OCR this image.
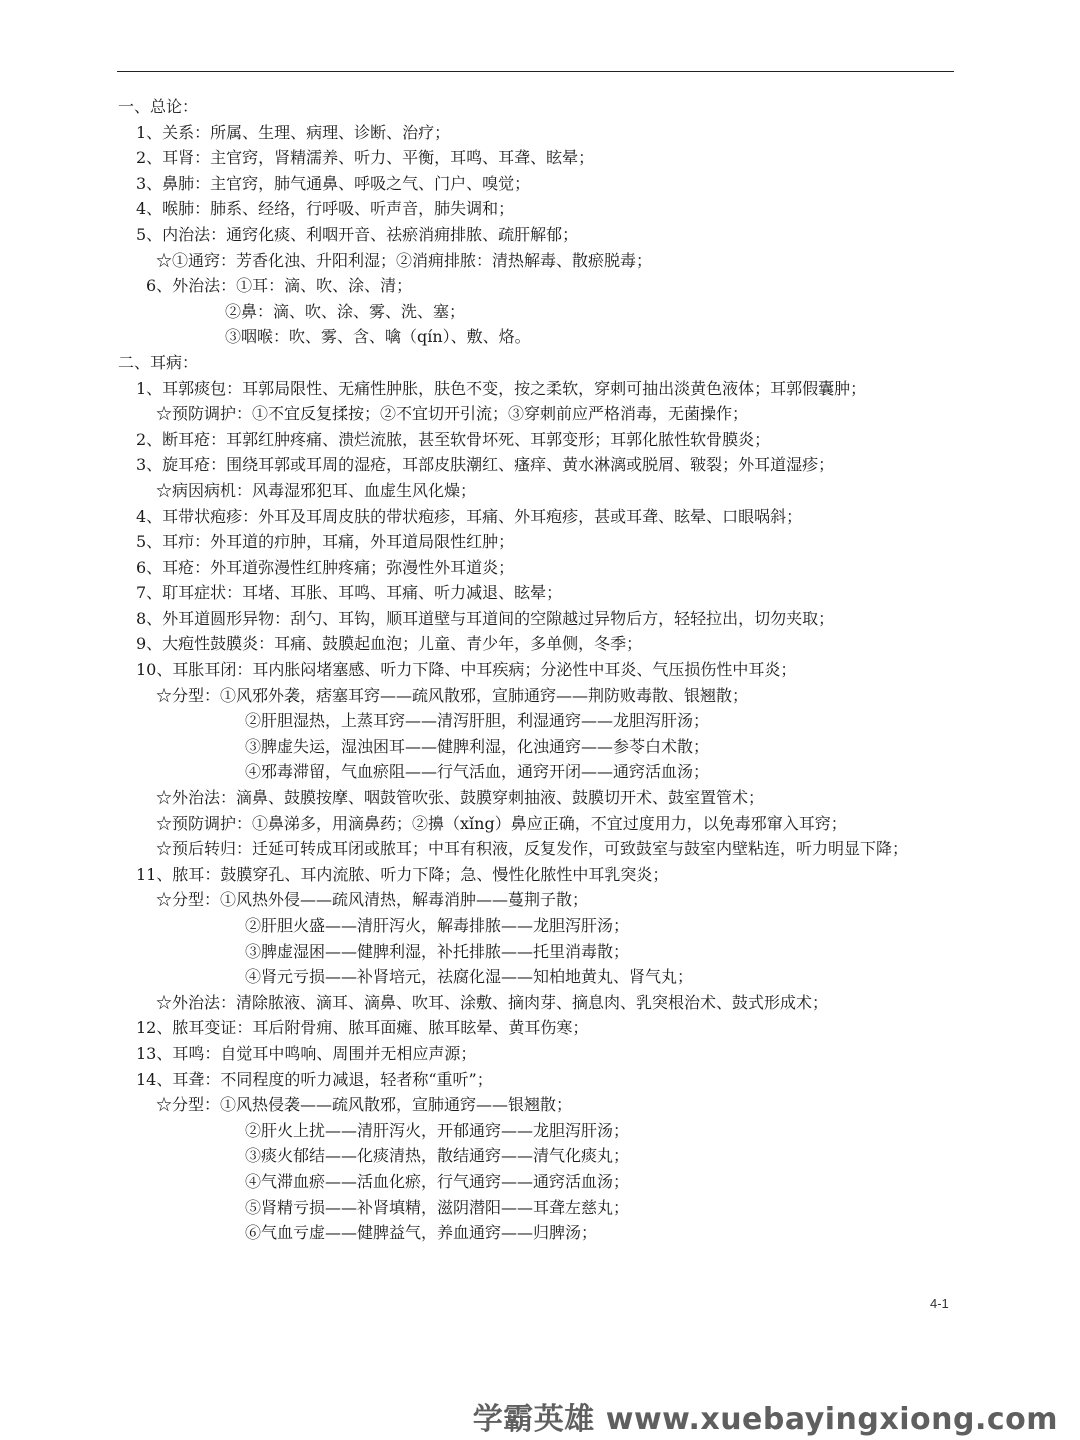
一、总论：
1、关系：所属、生理、病理、诊断、治疗；
2、耳肾：主官窍，肾精濡养、听力、平衡，耳鸣、耳聋、眩晕；
3、鼻肺：主官窍，肺气通鼻、呼吸之气、门户、嗅觉；
4、喉肺：肺系、经络，行呼吸、听声音，肺失调和；
5、内治法：通窍化痰、利咽开音、祛瘀消痈排脓、疏肝解郁；
☆①通窍：芳香化浊、升阳利湿；②消痈排脓：清热解毒、散瘀脱毒；
6、外治法：①耳：滴、吹、涂、清；
②鼻：滴、吹、涂、雾、洗、塞；
③咽喉：吹、雾、含、噙（qín）、敷、烙。
二、耳病：
1、耳郭痰包：耳郭局限性、无痛性肿胀，肤色不变，按之柔软，穿刺可抽出淡黄色液体；耳郭假囊肿；
☆预防调护：①不宜反复揉按；②不宜切开引流；③穿刺前应严格消毒，无菌操作；
2、断耳疮：耳郭红肿疼痛、溃烂流脓，甚至软骨坏死、耳郭变形；耳郭化脓性软骨膜炎；
3、旋耳疮：围绕耳郭或耳周的湿疮，耳部皮肤潮红、瘙痒、黄水淋漓或脱屑、皲裂；外耳道湿疹；
☆病因病机：风毒湿邪犯耳、血虚生风化燥；
4、耳带状疱疹：外耳及耳周皮肤的带状疱疹，耳痛、外耳疱疹，甚或耳聋、眩晕、口眼㖞斜；
5、耳疖：外耳道的疖肿，耳痛，外耳道局限性红肿；
6、耳疮：外耳道弥漫性红肿疼痛；弥漫性外耳道炎；
7、耵耳症状：耳堵、耳胀、耳鸣、耳痛、听力减退、眩晕；
8、外耳道圆形异物：刮勺、耳钩，顺耳道壁与耳道间的空隙越过异物后方，轻轻拉出，切勿夹取；
9、大疱性鼓膜炎：耳痛、鼓膜起血泡；儿童、青少年，多单侧，冬季；
10、耳胀耳闭：耳内胀闷堵塞感、听力下降、中耳疾病；分泌性中耳炎、气压损伤性中耳炎；
☆分型：①风邪外袭，痞塞耳窍——疏风散邪，宣肺通窍——荆防败毒散、银翘散；
②肝胆湿热，上蒸耳窍——清泻肝胆，利湿通窍——龙胆泻肝汤；
③脾虚失运，湿浊困耳——健脾利湿，化浊通窍——参苓白术散；
④邪毒滞留，气血瘀阻——行气活血，通窍开闭——通窍活血汤；
☆外治法：滴鼻、鼓膜按摩、咽鼓管吹张、鼓膜穿刺抽液、鼓膜切开术、鼓室置管术；
☆预防调护：①鼻涕多，用滴鼻药；②擤（xǐng）鼻应正确，不宜过度用力，以免毒邪窜入耳窍；
☆预后转归：迁延可转成耳闭或脓耳；中耳有积液，反复发作，可致鼓室与鼓室内壁粘连，听力明显下降；
11、脓耳：鼓膜穿孔、耳内流脓、听力下降；急、慢性化脓性中耳乳突炎；
☆分型：①风热外侵——疏风清热，解毒消肿——蔓荆子散；
②肝胆火盛——清肝泻火，解毒排脓——龙胆泻肝汤；
③脾虚湿困——健脾利湿，补托排脓——托里消毒散；
④肾元亏损——补肾培元，祛腐化湿——知柏地黄丸、肾气丸；
☆外治法：清除脓液、滴耳、滴鼻、吹耳、涂敷、摘肉芽、摘息肉、乳突根治术、鼓式形成术；
12、脓耳变证：耳后附骨痈、脓耳面瘫、脓耳眩晕、黄耳伤寒；
13、耳鸣：自觉耳中鸣响、周围并无相应声源；
14、耳聋：不同程度的听力减退，轻者称“重听”；
☆分型：①风热侵袭——疏风散邪，宣肺通窍——银翘散；
②肝火上扰——清肝泻火，开郁通窍——龙胆泻肝汤；
③痰火郁结——化痰清热，散结通窍——清气化痰丸；
④气滞血瘀——活血化瘀，行气通窍——通窍活血汤；
⑤肾精亏损——补肾填精，滋阴潜阳——耳聋左慈丸；
⑥气血亏虚——健脾益气，养血通窍——归脾汤；
4-1
学霸英雄 www.xuebayingxiong.com
